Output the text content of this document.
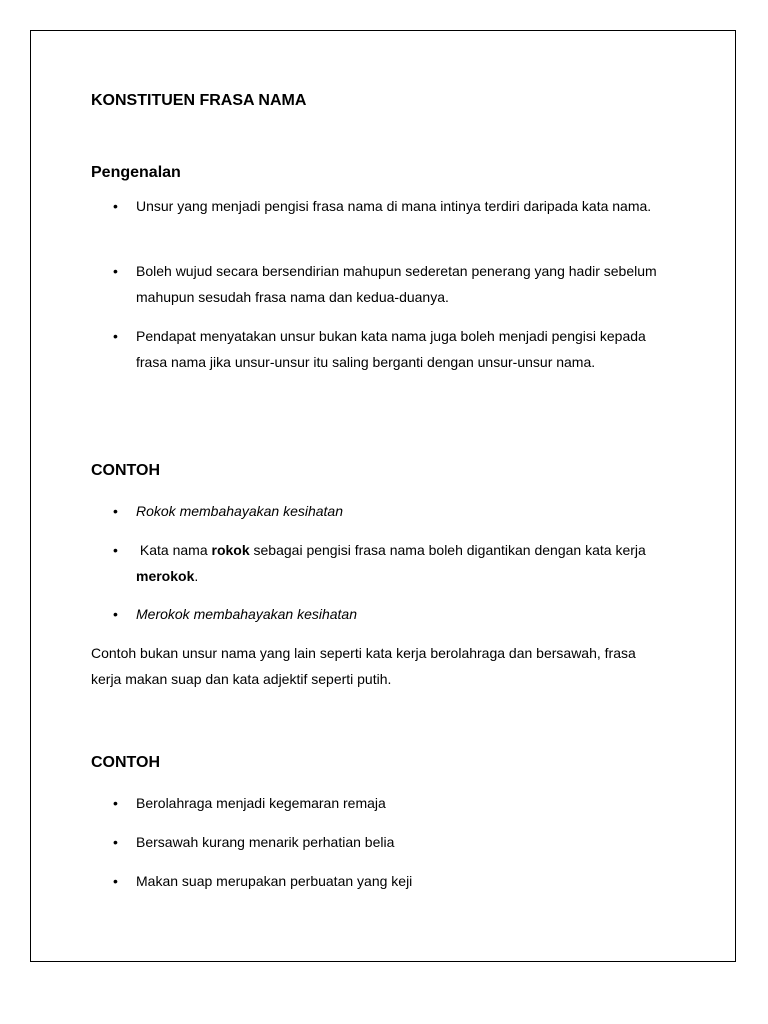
KONSTITUEN FRASA NAMA
Pengenalan
• Unsur yang menjadi pengisi frasa nama di mana intinya terdiri daripada kata nama.
• Boleh wujud secara bersendirian mahupun sederetan penerang yang hadir sebelum mahupun sesudah frasa nama dan kedua-duanya.
• Pendapat menyatakan unsur bukan kata nama juga boleh menjadi pengisi kepada frasa nama jika unsur-unsur itu saling berganti dengan unsur-unsur nama.
CONTOH
• Rokok membahayakan kesihatan
• Kata nama rokok sebagai pengisi frasa nama boleh digantikan dengan kata kerja merokok.
• Merokok membahayakan kesihatan
Contoh bukan unsur nama yang lain seperti kata kerja berolahraga dan bersawah, frasa kerja makan suap dan kata adjektif seperti putih.
CONTOH
• Berolahraga menjadi kegemaran remaja
• Bersawah kurang menarik perhatian belia
• Makan suap merupakan perbuatan yang keji
